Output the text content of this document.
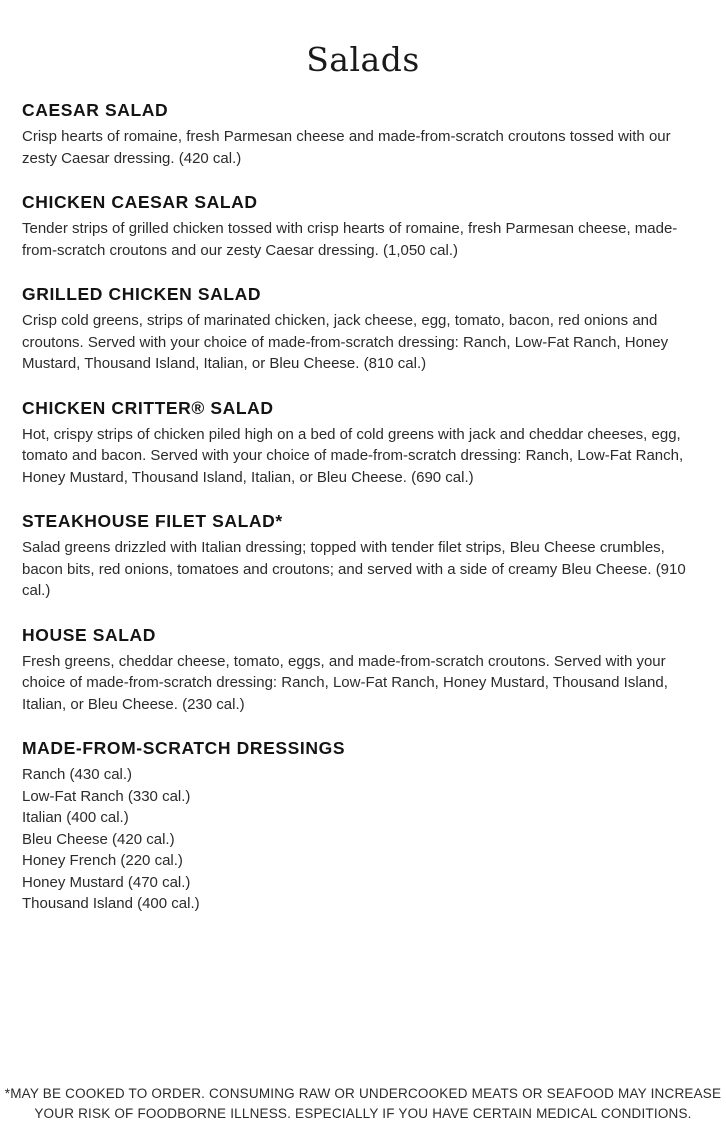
Salads
CAESAR SALAD
Crisp hearts of romaine, fresh Parmesan cheese and made-from-scratch croutons tossed with our zesty Caesar dressing. (420 cal.)
CHICKEN CAESAR SALAD
Tender strips of grilled chicken tossed with crisp hearts of romaine, fresh Parmesan cheese, made-from-scratch croutons and our zesty Caesar dressing. (1,050 cal.)
GRILLED CHICKEN SALAD
Crisp cold greens, strips of marinated chicken, jack cheese, egg, tomato, bacon, red onions and croutons. Served with your choice of made-from-scratch dressing: Ranch, Low-Fat Ranch, Honey Mustard, Thousand Island, Italian, or Bleu Cheese. (810 cal.)
CHICKEN CRITTER® SALAD
Hot, crispy strips of chicken piled high on a bed of cold greens with jack and cheddar cheeses, egg, tomato and bacon. Served with your choice of made-from-scratch dressing: Ranch, Low-Fat Ranch, Honey Mustard, Thousand Island, Italian, or Bleu Cheese. (690 cal.)
STEAKHOUSE FILET SALAD*
Salad greens drizzled with Italian dressing; topped with tender filet strips, Bleu Cheese crumbles, bacon bits, red onions, tomatoes and croutons; and served with a side of creamy Bleu Cheese. (910 cal.)
HOUSE SALAD
Fresh greens, cheddar cheese, tomato, eggs, and made-from-scratch croutons. Served with your choice of made-from-scratch dressing: Ranch, Low-Fat Ranch, Honey Mustard, Thousand Island, Italian, or Bleu Cheese. (230 cal.)
MADE-FROM-SCRATCH DRESSINGS
Ranch (430 cal.)
Low-Fat Ranch (330 cal.)
Italian (400 cal.)
Bleu Cheese (420 cal.)
Honey French (220 cal.)
Honey Mustard (470 cal.)
Thousand Island (400 cal.)
*MAY BE COOKED TO ORDER. CONSUMING RAW OR UNDERCOOKED MEATS OR SEAFOOD MAY INCREASE
YOUR RISK OF FOODBORNE ILLNESS. ESPECIALLY IF YOU HAVE CERTAIN MEDICAL CONDITIONS.
